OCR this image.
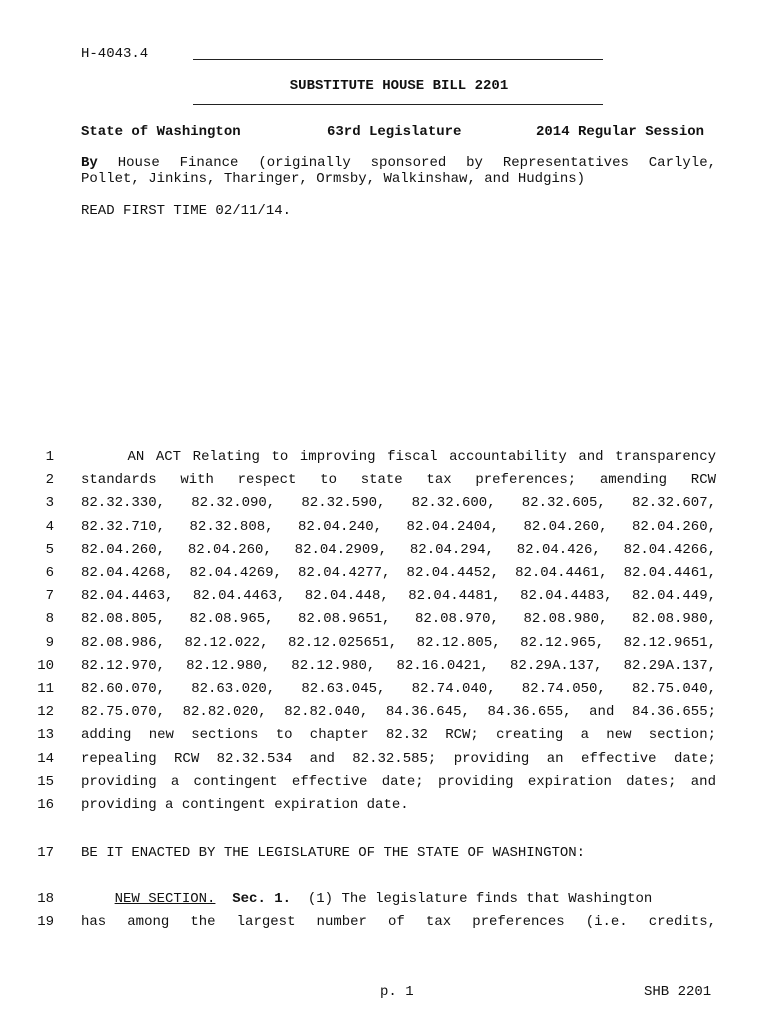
H-4043.4
SUBSTITUTE HOUSE BILL 2201
State of Washington	63rd Legislature	2014 Regular Session
By House Finance (originally sponsored by Representatives Carlyle,
Pollet, Jinkins, Tharinger, Ormsby, Walkinshaw, and Hudgins)
READ FIRST TIME 02/11/14.
1 AN ACT Relating to improving fiscal accountability and transparency
2 standards with respect to state tax preferences; amending RCW
3 82.32.330, 82.32.090, 82.32.590, 82.32.600, 82.32.605, 82.32.607,
4 82.32.710, 82.32.808, 82.04.240, 82.04.2404, 82.04.260, 82.04.260,
5 82.04.260, 82.04.260, 82.04.2909, 82.04.294, 82.04.426, 82.04.4266,
6 82.04.4268, 82.04.4269, 82.04.4277, 82.04.4452, 82.04.4461, 82.04.4461,
7 82.04.4463, 82.04.4463, 82.04.448, 82.04.4481, 82.04.4483, 82.04.449,
8 82.08.805, 82.08.965, 82.08.9651, 82.08.970, 82.08.980, 82.08.980,
9 82.08.986, 82.12.022, 82.12.025651, 82.12.805, 82.12.965, 82.12.9651,
10 82.12.970, 82.12.980, 82.12.980, 82.16.0421, 82.29A.137, 82.29A.137,
11 82.60.070, 82.63.020, 82.63.045, 82.74.040, 82.74.050, 82.75.040,
12 82.75.070, 82.82.020, 82.82.040, 84.36.645, 84.36.655, and 84.36.655;
13 adding new sections to chapter 82.32 RCW; creating a new section;
14 repealing RCW 82.32.534 and 82.32.585; providing an effective date;
15 providing a contingent effective date; providing expiration dates; and
16 providing a contingent expiration date.
17 BE IT ENACTED BY THE LEGISLATURE OF THE STATE OF WASHINGTON:
18	NEW SECTION. Sec. 1.  (1) The legislature finds that Washington
19 has among the largest number of tax preferences (i.e. credits,
p. 1	SHB 2201
